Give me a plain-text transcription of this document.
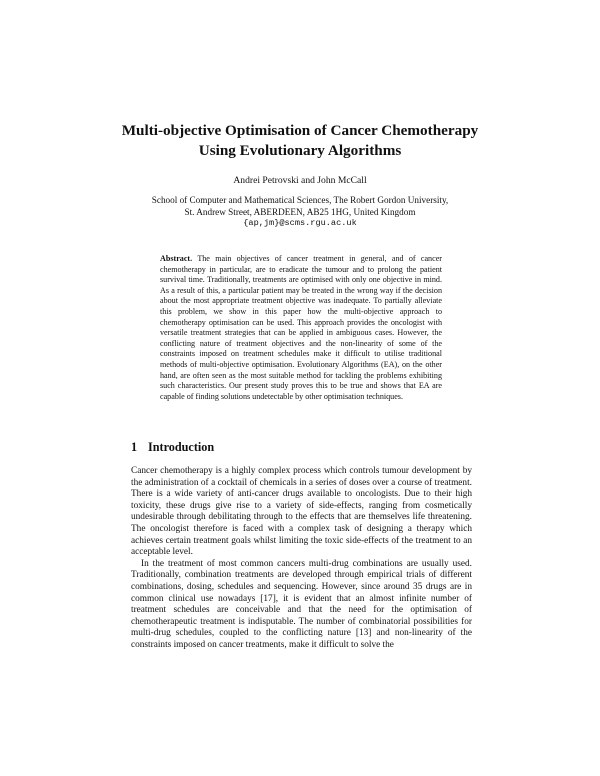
Multi-objective Optimisation of Cancer Chemotherapy
Using Evolutionary Algorithms
Andrei Petrovski and John McCall
School of Computer and Mathematical Sciences, The Robert Gordon University,
St. Andrew Street, ABERDEEN, AB25 1HG, United Kingdom
{ap,jm}@scms.rgu.ac.uk
Abstract. The main objectives of cancer treatment in general, and of cancer chemotherapy in particular, are to eradicate the tumour and to prolong the patient survival time. Traditionally, treatments are optimised with only one objective in mind. As a result of this, a particular patient may be treated in the wrong way if the decision about the most appropriate treatment objective was inadequate. To partially alleviate this problem, we show in this paper how the multi-objective approach to chemotherapy optimisation can be used. This approach provides the oncologist with versatile treatment strategies that can be applied in ambiguous cases. However, the conflicting nature of treatment objectives and the non-linearity of some of the constraints imposed on treatment schedules make it difficult to utilise traditional methods of multi-objective optimisation. Evolutionary Algorithms (EA), on the other hand, are often seen as the most suitable method for tackling the problems exhibiting such characteristics. Our present study proves this to be true and shows that EA are capable of finding solutions undetectable by other optimisation techniques.
1 Introduction

Cancer chemotherapy is a highly complex process which controls tumour development by the administration of a cocktail of chemicals in a series of doses over a course of treatment. There is a wide variety of anti-cancer drugs available to oncologists. Due to their high toxicity, these drugs give rise to a variety of side-effects, ranging from cosmetically undesirable through debilitating through to the effects that are themselves life threatening. The oncologist therefore is faced with a complex task of designing a therapy which achieves certain treatment goals whilst limiting the toxic side-effects of the treatment to an acceptable level.

In the treatment of most common cancers multi-drug combinations are usually used. Traditionally, combination treatments are developed through empirical trials of different combinations, dosing, schedules and sequencing. However, since around 35 drugs are in common clinical use nowadays [17], it is evident that an almost infinite number of treatment schedules are conceivable and that the need for the optimisation of chemotherapeutic treatment is indisputable. The number of combinatorial possibilities for multi-drug schedules, coupled to the conflicting nature [13] and non-linearity of the constraints imposed on cancer treatments, make it difficult to solve the
